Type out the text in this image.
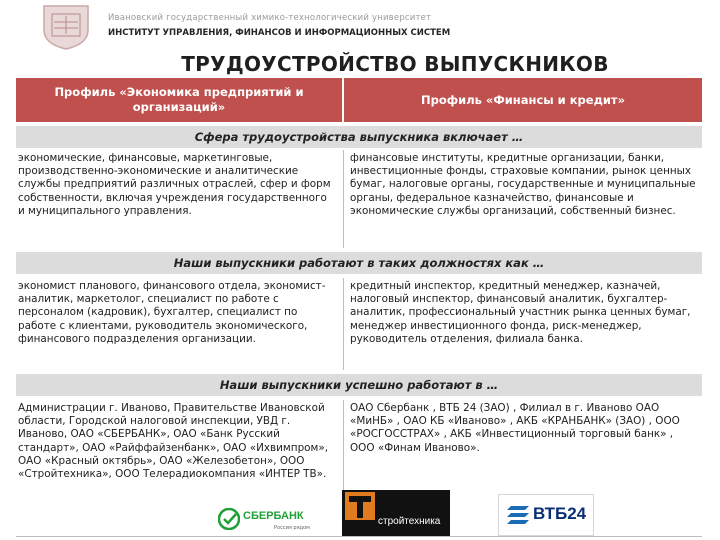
Ивановский государственный химико-технологический университет
ИНСТИТУТ УПРАВЛЕНИЯ, ФИНАНСОВ И ИНФОРМАЦИОННЫХ СИСТЕМ
ТРУДОУСТРОЙСТВО ВЫПУСКНИКОВ
Профиль «Экономика предприятий и организаций»
Профиль «Финансы и кредит»
Сфера трудоустройства выпускника включает …
экономические, финансовые, маркетинговые, производственно-экономические и аналитические службы предприятий различных отраслей, сфер и форм собственности, включая учреждения государственного и муниципального управления.
финансовые институты, кредитные организации, банки, инвестиционные фонды, страховые компании, рынок ценных бумаг, налоговые органы, государственные и муниципальные органы, федеральное казначейство, финансовые и экономические службы организаций, собственный бизнес.
Наши выпускники работают в таких должностях как …
экономист планового, финансового отдела, экономист-аналитик, маркетолог, специалист по работе с персоналом (кадровик), бухгалтер, специалист по работе с клиентами, руководитель экономического, финансового подразделения организации.
кредитный инспектор, кредитный менеджер, казначей, налоговый инспектор, финансовый аналитик, бухгалтер-аналитик, профессиональный участник рынка ценных бумаг, менеджер инвестиционного фонда, риск-менеджер, руководитель отделения, филиала банка.
Наши выпускники успешно работают в …
Администрации г. Иваново, Правительстве Ивановской области, Городской налоговой инспекции, УВД г. Иваново, ОАО «СБЕРБАНК», ОАО «Банк Русский стандарт», ОАО «Райффайзенбанк», ОАО «Ихвимпром», ОАО «Красный октябрь», ОАО «Железобетон», ООО «Стройтехника», ООО Телерадиокомпания «ИНТЕР ТВ».
ОАО Сбербанк , ВТБ 24 (ЗАО) , Филиал в г. Иваново ОАО «МиНБ» , ОАО КБ «Иваново» , АКБ «КРАНБАНК» (ЗАО) , ООО «РОСГОССТРАХ» , АКБ «Инвестиционный торговый банк» , ООО «Финам Иваново».
СБЕРБАНК
Россия рядом
стройтехника	ВТБ24
